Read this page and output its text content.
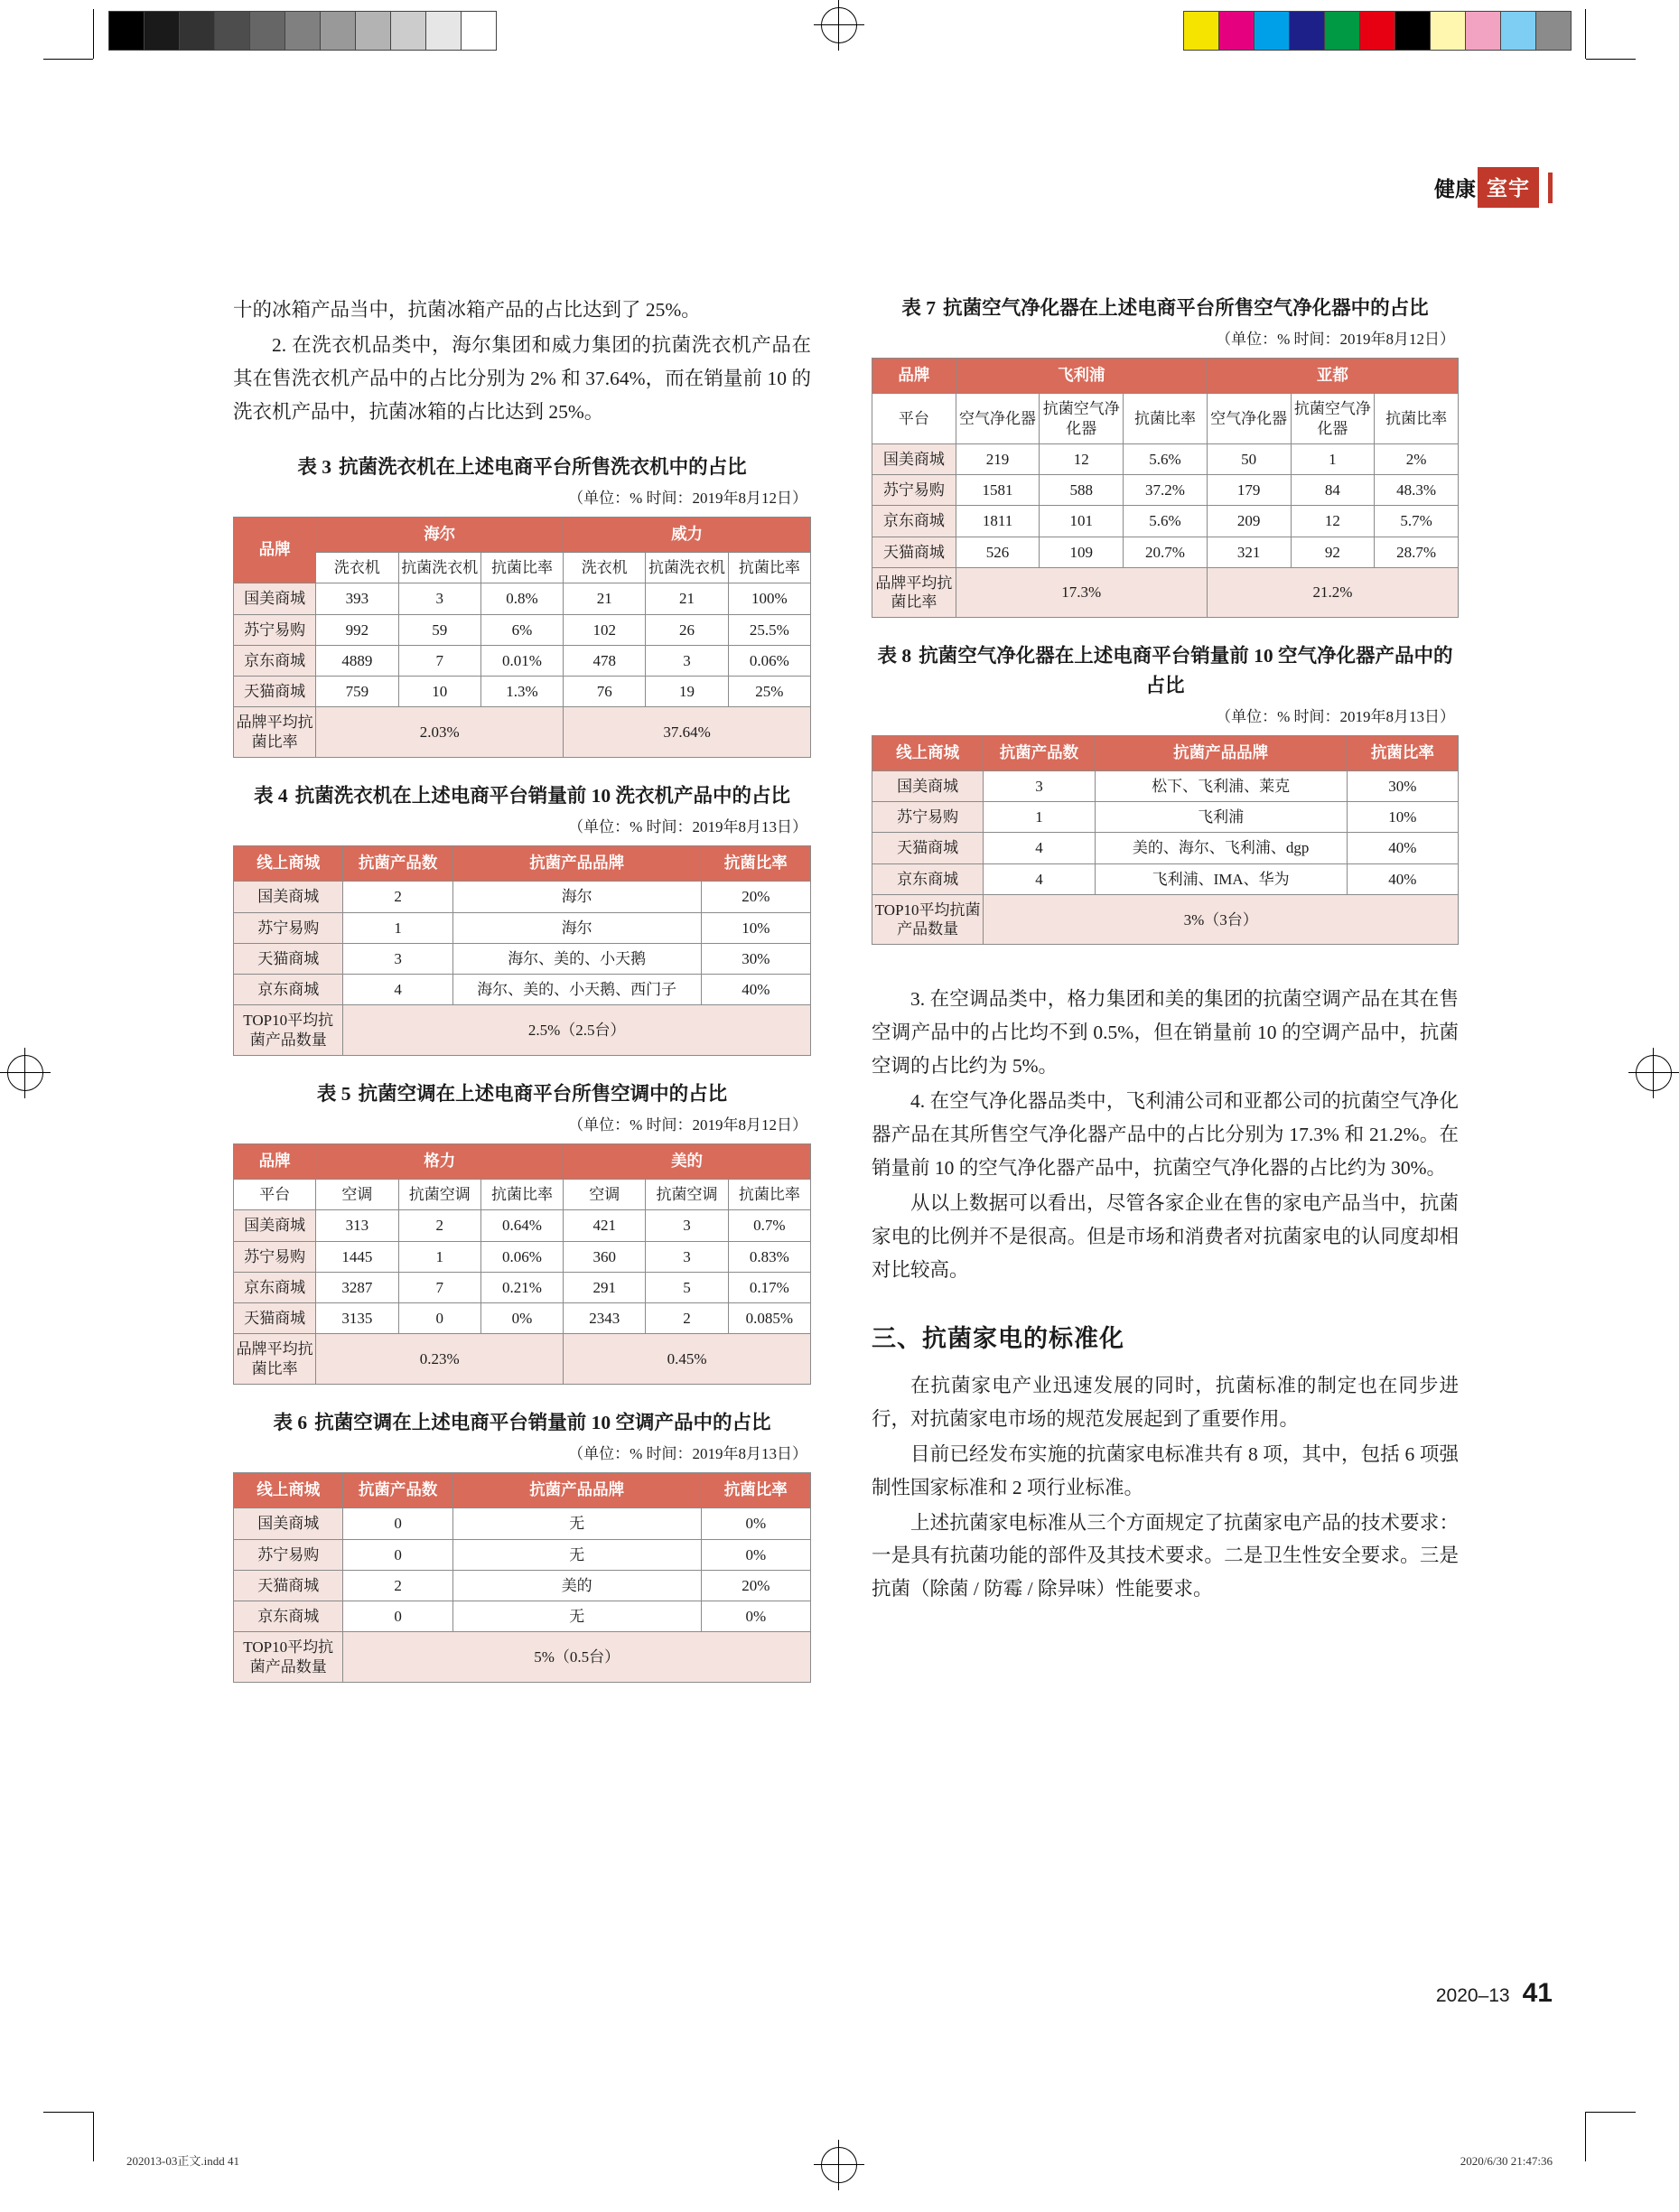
健康 室宇

十的冰箱产品当中，抗菌冰箱产品的占比达到了 25%。

2. 在洗衣机品类中，海尔集团和威力集团的抗菌洗衣机产品在其在售洗衣机产品中的占比分别为 2% 和 37.64%，而在销量前 10 的洗衣机产品中，抗菌冰箱的占比达到 25%。

表 3 抗菌洗衣机在上述电商平台所售洗衣机中的占比
（单位：% 时间：2019年8月12日）
品牌	海尔			威力		
	洗衣机	抗菌洗衣机	抗菌比率	洗衣机	抗菌洗衣机	抗菌比率
国美商城	393	3	0.8%	21	21	100%
苏宁易购	992	59	6%	102	26	25.5%
京东商城	4889	7	0.01%	478	3	0.06%
天猫商城	759	10	1.3%	76	19	25%
品牌平均抗菌比率	2.03%			37.64%		
表 4 抗菌洗衣机在上述电商平台销量前 10 洗衣机产品中的占比
（单位：% 时间：2019年8月13日）
线上商城	抗菌产品数	抗菌产品品牌	抗菌比率
国美商城	2	海尔	20%
苏宁易购	1	海尔	10%
天猫商城	3	海尔、美的、小天鹅	30%
京东商城	4	海尔、美的、小天鹅、西门子	40%
TOP10平均抗菌产品数量	2.5%（2.5台）		
表 5 抗菌空调在上述电商平台所售空调中的占比
（单位：% 时间：2019年8月12日）
品牌	格力			美的		
平台	空调	抗菌空调	抗菌比率	空调	抗菌空调	抗菌比率
国美商城	313	2	0.64%	421	3	0.7%
苏宁易购	1445	1	0.06%	360	3	0.83%
京东商城	3287	7	0.21%	291	5	0.17%
天猫商城	3135	0	0%	2343	2	0.085%
品牌平均抗菌比率	0.23%			0.45%		
表 6 抗菌空调在上述电商平台销量前 10 空调产品中的占比
（单位：% 时间：2019年8月13日）
线上商城	抗菌产品数	抗菌产品品牌	抗菌比率
国美商城	0	无	0%
苏宁易购	0	无	0%
天猫商城	2	美的	20%
京东商城	0	无	0%
TOP10平均抗菌产品数量	5%（0.5台）		
表 7 抗菌空气净化器在上述电商平台所售空气净化器中的占比
（单位：% 时间：2019年8月12日）
品牌	飞利浦			亚都		
平台	空气净化器	抗菌空气净化器	抗菌比率	空气净化器	抗菌空气净化器	抗菌比率
国美商城	219	12	5.6%	50	1	2%
苏宁易购	1581	588	37.2%	179	84	48.3%
京东商城	1811	101	5.6%	209	12	5.7%
天猫商城	526	109	20.7%	321	92	28.7%
品牌平均抗菌比率	17.3%			21.2%		
表 8 抗菌空气净化器在上述电商平台销量前 10 空气净化器产品中的占比
（单位：% 时间：2019年8月13日）
线上商城	抗菌产品数	抗菌产品品牌	抗菌比率
国美商城	3	松下、飞利浦、莱克	30%
苏宁易购	1	飞利浦	10%
天猫商城	4	美的、海尔、飞利浦、dgp	40%
京东商城	4	飞利浦、IMA、华为	40%
TOP10平均抗菌产品数量	3%（3台）		

3. 在空调品类中，格力集团和美的集团的抗菌空调产品在其在售空调产品中的占比均不到 0.5%，但在销量前 10 的空调产品中，抗菌空调的占比约为 5%。

4. 在空气净化器品类中，飞利浦公司和亚都公司的抗菌空气净化器产品在其所售空气净化器产品中的占比分别为 17.3% 和 21.2%。在销量前 10 的空气净化器产品中，抗菌空气净化器的占比约为 30%。

从以上数据可以看出，尽管各家企业在售的家电产品当中，抗菌家电的比例并不是很高。但是市场和消费者对抗菌家电的认同度却相对比较高。

三、抗菌家电的标准化

在抗菌家电产业迅速发展的同时，抗菌标准的制定也在同步进行，对抗菌家电市场的规范发展起到了重要作用。

目前已经发布实施的抗菌家电标准共有 8 项，其中，包括 6 项强制性国家标准和 2 项行业标准。

上述抗菌家电标准从三个方面规定了抗菌家电产品的技术要求：一是具有抗菌功能的部件及其技术要求。二是卫生性安全要求。三是抗菌（除菌 / 防霉 / 除异味）性能要求。

2020–13 41
202013-03正文.indd 41	2020/6/30 21:47:36
